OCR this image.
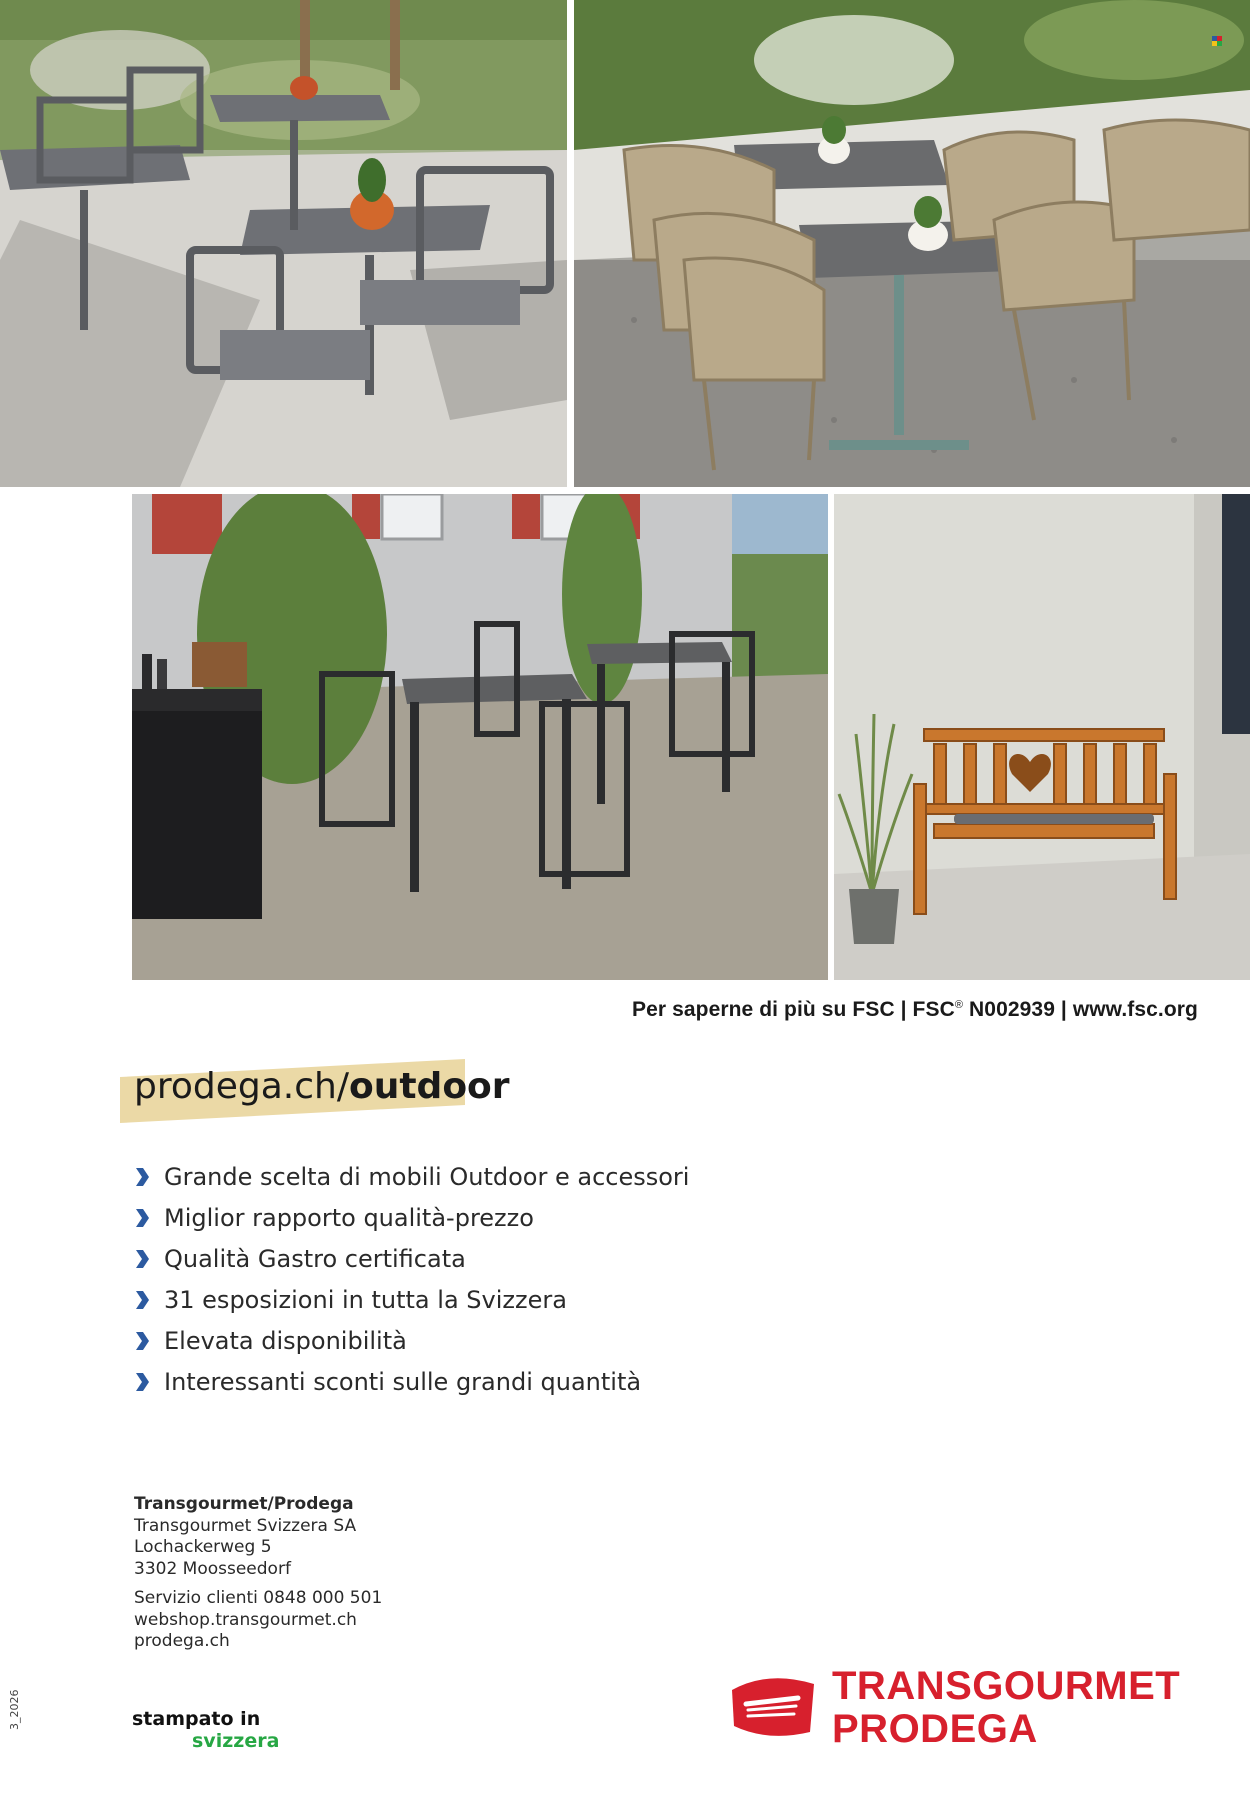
Per saperne di più su FSC | FSC® N002939 | www.fsc.org
prodega.ch/outdoor
Grande scelta di mobili Outdoor e accessori
Miglior rapporto qualità-prezzo
Qualità Gastro certificata
31 esposizioni in tutta la Svizzera
Elevata disponibilità
Interessanti sconti sulle grandi quantità
Transgourmet/Prodega
Transgourmet Svizzera SA
Lochackerweg 5
3302 Moosseedorf
Servizio clienti 0848 000 501
webshop.transgourmet.ch
prodega.ch
stampato in
svizzera
3_2026
TRANSGOURMET
PRODEGA
